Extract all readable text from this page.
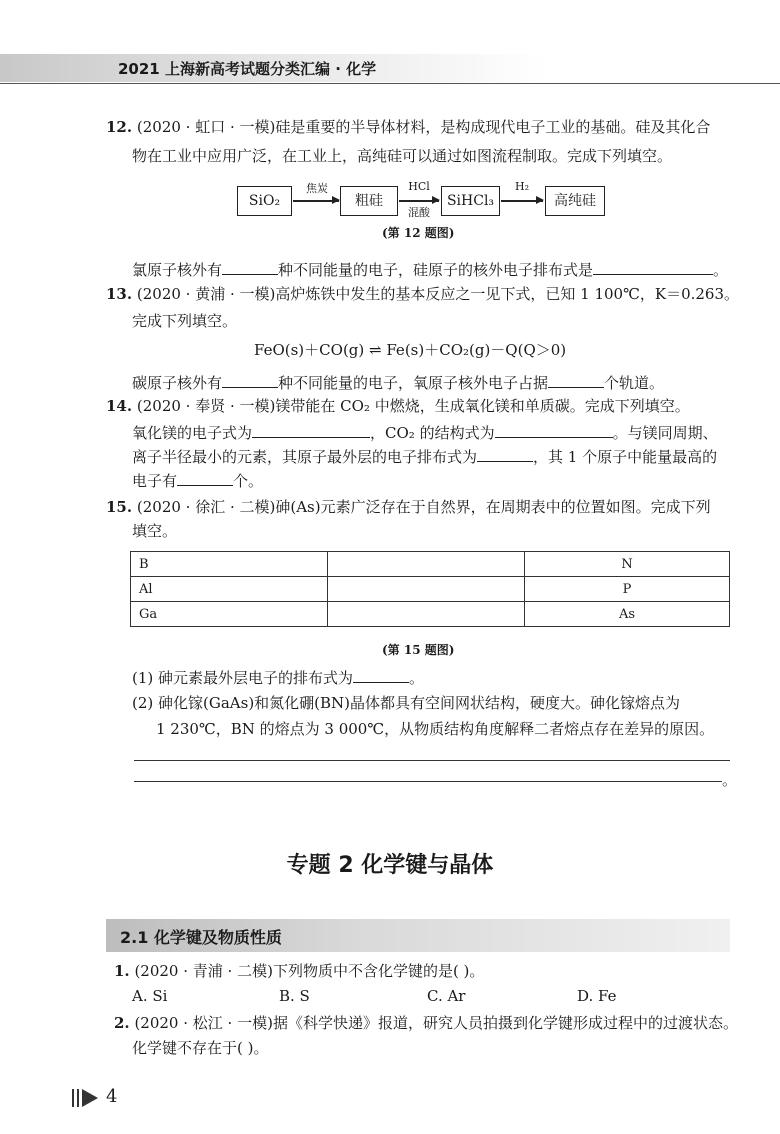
2021 上海新高考试题分类汇编 · 化学
12. (2020 · 虹口 · 一模)硅是重要的半导体材料，是构成现代电子工业的基础。硅及其化合
物在工业中应用广泛，在工业上，高纯硅可以通过如图流程制取。完成下列填空。
SiO₂
焦炭
粗硅
HCl
混酸
SiHCl₃
H₂
高纯硅
(第 12 题图)
氯原子核外有	种不同能量的电子，硅原子的核外电子排布式是	。
13. (2020 · 黄浦 · 一模)高炉炼铁中发生的基本反应之一见下式，已知 1 100℃，K＝0.263。
完成下列填空。
FeO(s)＋CO(g) ⇌ Fe(s)＋CO₂(g)－Q(Q＞0)
碳原子核外有	种不同能量的电子，氧原子核外电子占据	个轨道。
14. (2020 · 奉贤 · 一模)镁带能在 CO₂ 中燃烧，生成氧化镁和单质碳。完成下列填空。
氧化镁的电子式为	，CO₂ 的结构式为	。与镁同周期、
离子半径最小的元素，其原子最外层的电子排布式为	，其 1 个原子中能量最高的
电子有	个。
15. (2020 · 徐汇 · 二模)砷(As)元素广泛存在于自然界，在周期表中的位置如图。完成下列
填空。
B		N
Al		P
Ga		As
(第 15 题图)
(1) 砷元素最外层电子的排布式为	。
(2) 砷化镓(GaAs)和氮化硼(BN)晶体都具有空间网状结构，硬度大。砷化镓熔点为
1 230℃，BN 的熔点为 3 000℃，从物质结构角度解释二者熔点存在差异的原因。
。
专题 2 化学键与晶体
2.1 化学键及物质性质
1. (2020 · 青浦 · 二模)下列物质中不含化学键的是( )。
A. Si	B. S	C. Ar	D. Fe
2. (2020 · 松江 · 一模)据《科学快递》报道，研究人员拍摄到化学键形成过程中的过渡状态。
化学键不存在于( )。
4
